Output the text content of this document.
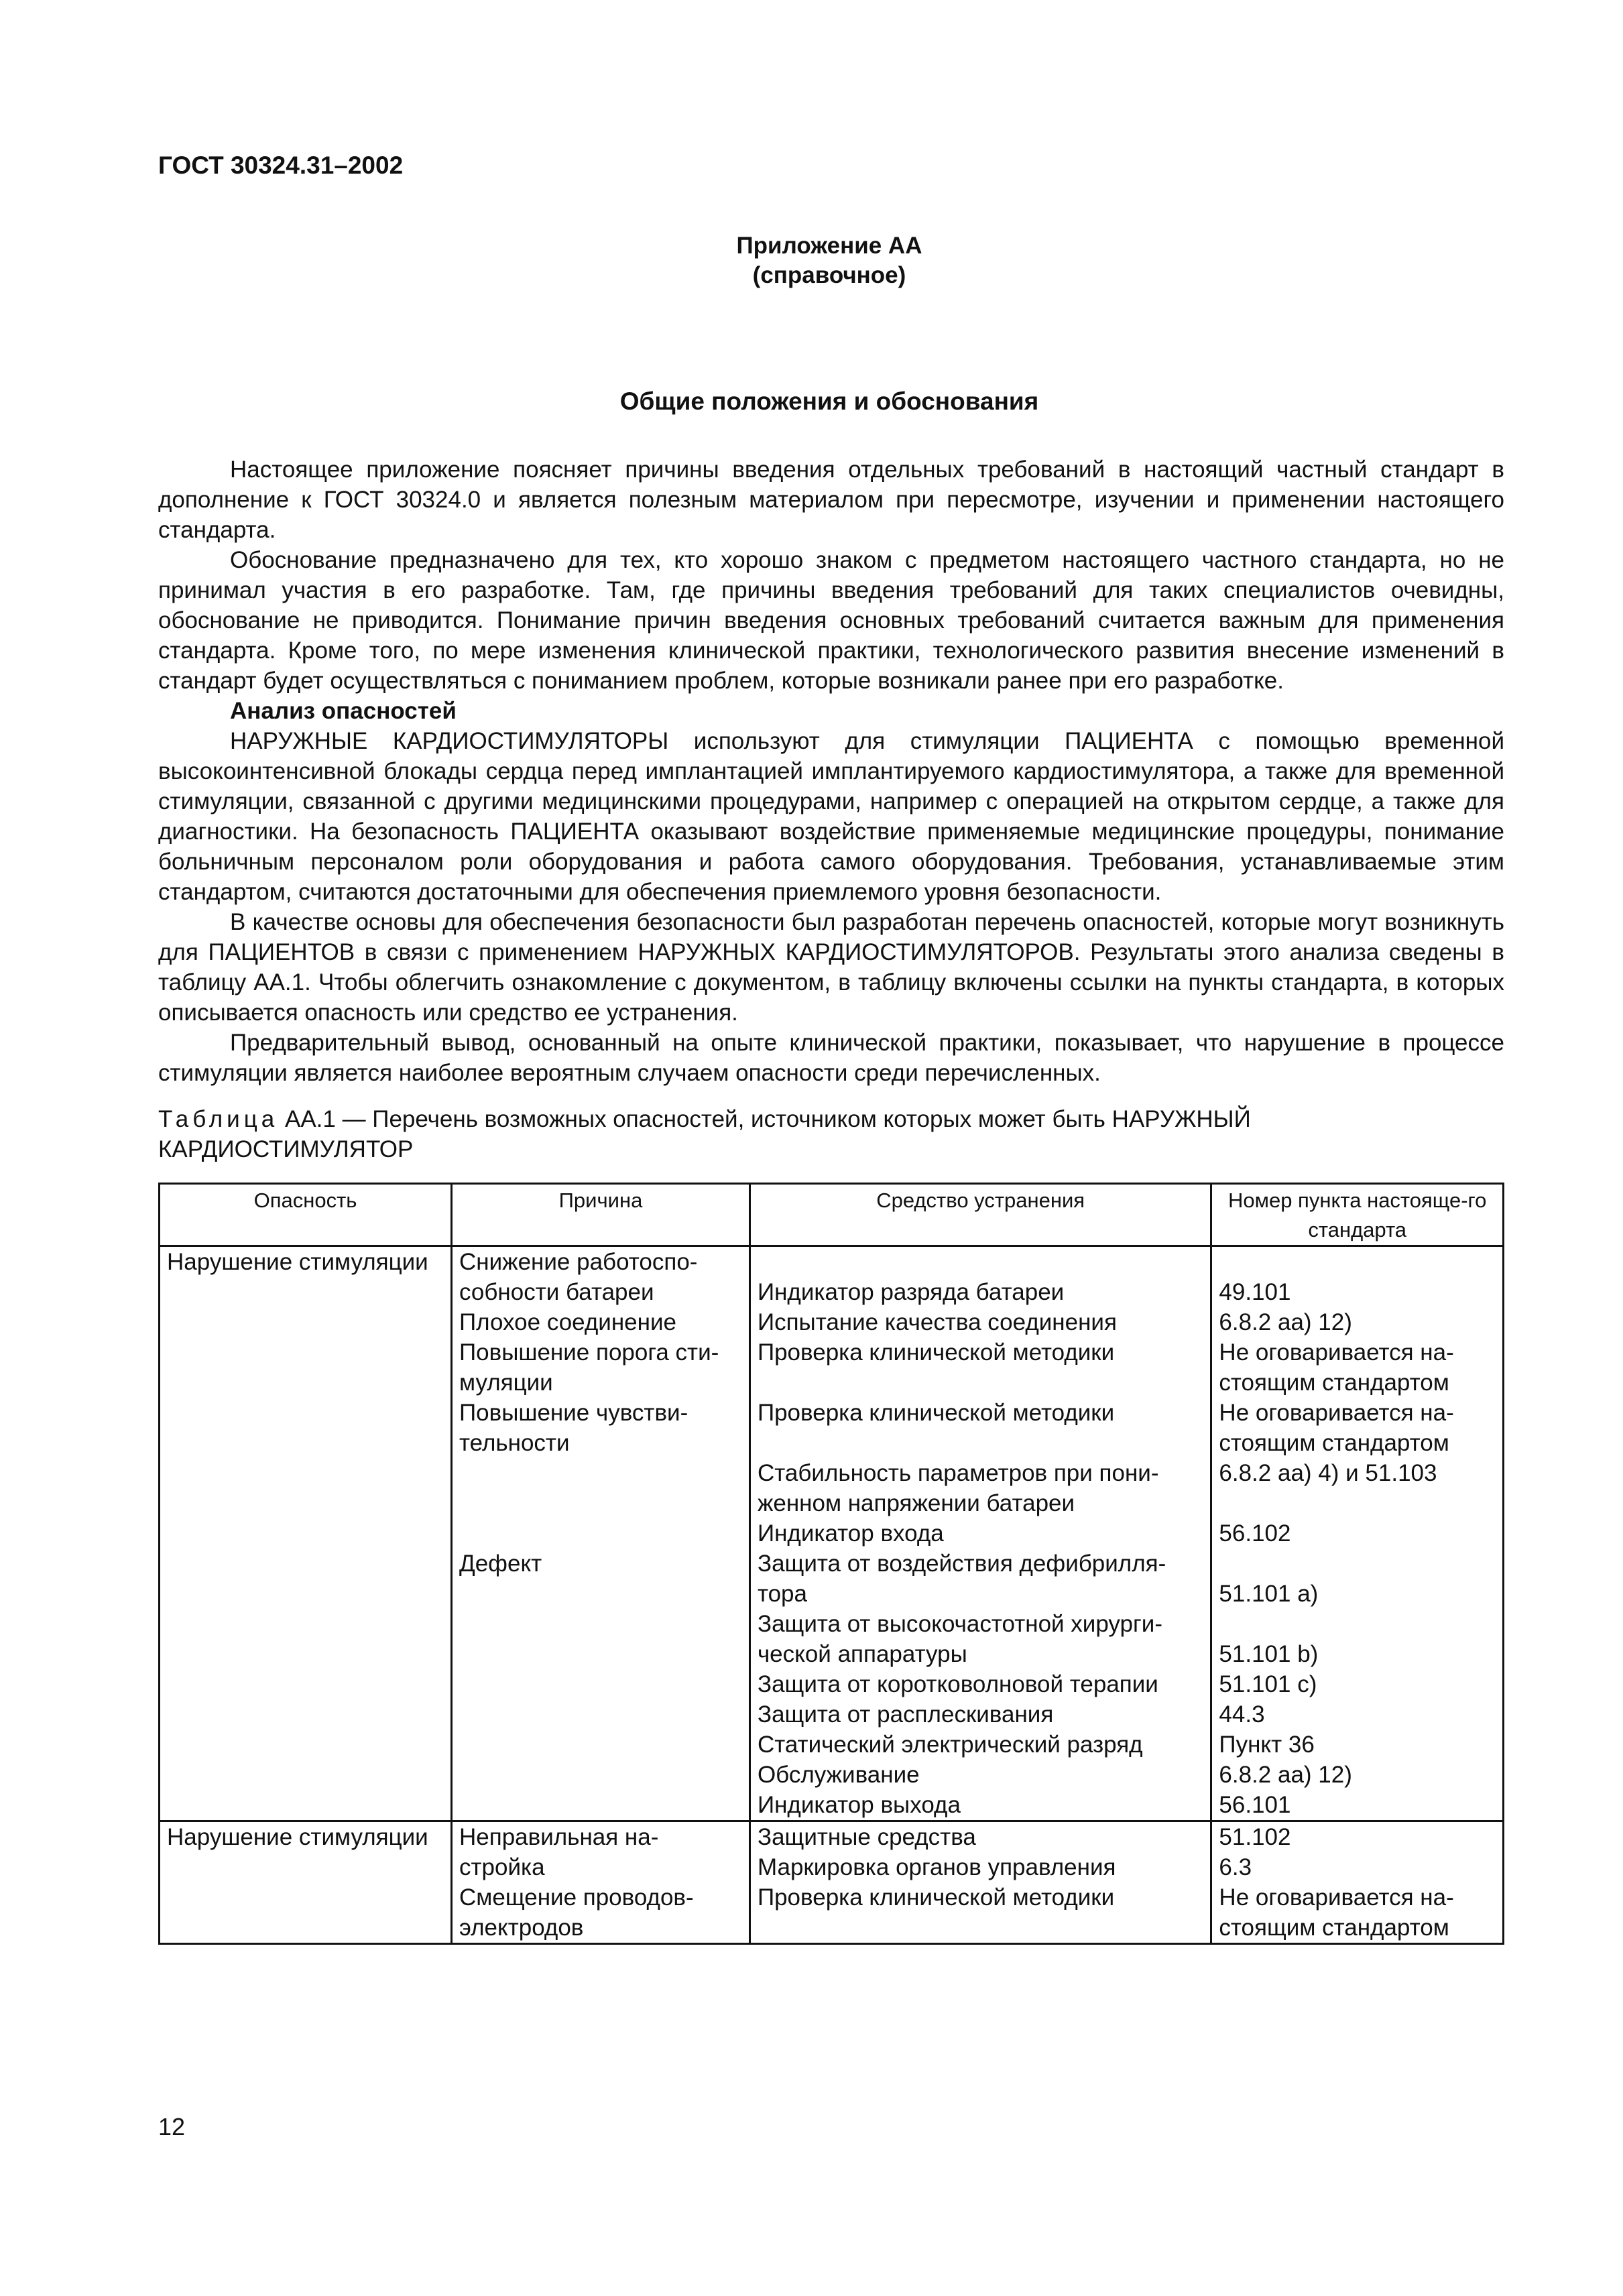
ГОСТ 30324.31–2002
Приложение АА
(справочное)
Общие положения и обоснования

Настоящее приложение поясняет причины введения отдельных требований в настоящий частный стандарт в дополнение к ГОСТ 30324.0 и является полезным материалом при пересмотре, изучении и применении настоящего стандарта.

Обоснование предназначено для тех, кто хорошо знаком с предметом настоящего частного стандарта, но не принимал участия в его разработке. Там, где причины введения требований для таких специалистов очевидны, обоснование не приводится. Понимание причин введения основных требований считается важным для применения стандарта. Кроме того, по мере изменения клинической практики, технологического развития внесение изменений в стандарт будет осуществляться с пониманием проблем, которые возникали ранее при его разработке.

Анализ опасностей

НАРУЖНЫЕ КАРДИОСТИМУЛЯТОРЫ используют для стимуляции ПАЦИЕНТА с помощью временной высокоинтенсивной блокады сердца перед имплантацией имплантируемого кардиостимулятора, а также для временной стимуляции, связанной с другими медицинскими процедурами, например с операцией на открытом сердце, а также для диагностики. На безопасность ПАЦИЕНТА оказывают воздействие применяемые медицинские процедуры, понимание больничным персоналом роли оборудования и работа самого оборудования. Требования, устанавливаемые этим стандартом, считаются достаточными для обеспечения приемлемого уровня безопасности.

В качестве основы для обеспечения безопасности был разработан перечень опасностей, которые могут возникнуть для ПАЦИЕНТОВ в связи с применением НАРУЖНЫХ КАРДИОСТИМУЛЯТОРОВ. Результаты этого анализа сведены в таблицу АА.1. Чтобы облегчить ознакомление с документом, в таблицу включены ссылки на пункты стандарта, в которых описывается опасность или средство ее устранения.

Предварительный вывод, основанный на опыте клинической практики, показывает, что нарушение в процессе стимуляции является наиболее вероятным случаем опасности среди перечисленных.

Таблица АА.1 — Перечень возможных опасностей, источником которых может быть НАРУЖНЫЙ КАРДИОСТИМУЛЯТОР

Опасность	Причина	Средство устранения	Номер пункта настояще-го стандарта
Нарушение стимуляции	Снижение работоспо-		
	собности батареи	Индикатор разряда батареи	49.101
	Плохое соединение	Испытание качества соединения	6.8.2 аа) 12)
	Повышение порога сти-	Проверка клинической методики	Не оговаривается на-
	муляции		стоящим стандартом
	Повышение чувстви-	Проверка клинической методики	Не оговаривается на-
	тельности		стоящим стандартом
		Стабильность параметров при пони-	6.8.2 аа) 4) и 51.103
		женном напряжении батареи	
		Индикатор входа	56.102
	Дефект	Защита от воздействия дефибрилля-	
		тора	51.101 а)
		Защита от высокочастотной хирурги-	
		ческой аппаратуры	51.101 b)
		Защита от коротковолновой терапии	51.101 c)
		Защита от расплескивания	44.3
		Статический электрический разряд	Пункт 36
		Обслуживание	6.8.2 аа) 12)
		Индикатор выхода	56.101
Нарушение стимуляции	Неправильная на-	Защитные средства	51.102
	стройка	Маркировка органов управления	6.3
	Смещение проводов-	Проверка клинической методики	Не оговаривается на-
	электродов		стоящим стандартом

12
